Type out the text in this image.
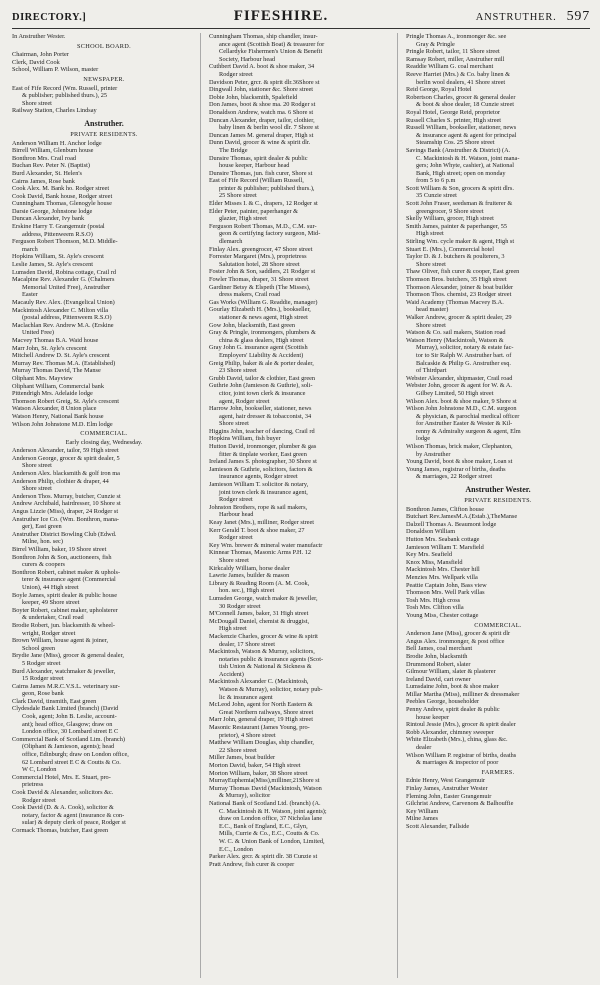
DIRECTORY.]	FIFESHIRE.	ANSTRUTHER. 597
In Anstruther Wester.
SCHOOL BOARD.
Chairman, John Porter
Clerk, David Cook
School, William P. Wilson, master
NEWSPAPER.
East of Fife Record (Wm. Russell, printer
& publisher; published thurs.), 25
Shore street
Railway Station, Charles Lindsay
Anstruther.
PRIVATE RESIDENTS.
Anderson William H. Anchor lodge
Birrell William, Glenburn house
Bonthron Mrs. Crail road
Buchan Rev. Peter N. (Baptist)
Burd Alexander, St. Helen's
Cairns James, Rose bank
Cook Alex. M. Bank ho. Rodger street
Cook David, Bank house, Rodger street
Cunningham Thomas, Glenogyle house
Darsie George, Johnstone lodge
Duncan Alexander, Ivy bank
Erskine Harry T. Grangemuir (postal
address, Pittenweem R.S.O)
Ferguson Robert Thomson, M.D. Middle-
march
Hopkins William, St. Ayle's crescent
Leslie James, St. Ayle's crescent
Lumsden David, Robina cottage, Crail rd
Macalpine Rev. Alexander G. (Chalmers
Memorial United Free), Anstruther
Easter
Macauly Rev. Alex. (Evangelical Union)
Mackintosh Alexander C. Milton villa
(postal address, Pittenweem R.S.O)
Maclachlan Rev. Andrew M.A. (Erskine
United Free)
Macvey Thomas B.A. Waid house
Marr John, St. Ayle's crescent
Mitchell Andrew D. St. Ayle's crescent
Murray Rev. Thomas M.A. (Established)
Murray Thomas David, The Manse
Oliphant Mrs. Mayview
Oliphant William, Commercial bank
Pittendrigh Mrs. Adelaide lodge
Thomson Robert Greig, St. Ayle's crescent
Watson Alexander, 8 Union place
Watson Henry, National Bank house
Wilson John Johnstone M.D. Elm lodge
COMMERCIAL.
Early closing day, Wednesday.
Anderson Alexander, tailor, 59 High street
Anderson George, grocer & spirit dealer, 5
Shore street
Anderson Alex. blacksmith & golf iron ma
Anderson Philip, clothier & draper, 44
Shore street
Anderson Thos. Murray, butcher, Cunzie st
Andrew Archibald, hairdresser, 10 Shore st
Angus Lizzie (Miss), draper, 24 Rodger st
Anstruther Ice Co. (Wm. Bonthron, mana-
ger), East green
Anstruther District Bowling Club (Edwd.
Milne, hon. sec)
Birrel William, baker, 19 Shore street
Bonthron John & Son, auctioneers, fish
curers & coopers
Bonthron Robert, cabinet maker & uphols-
terer & insurance agent (Commercial
Union), 44 High street
Boyle James, spirit dealer & public house
keeper, 49 Shore street
Boyter Robert, cabinet maker, upholsterer
& undertaker, Crail road
Brodie Robert, jun. blacksmith & wheel-
wright, Rodger street
Brown William, house agent & joiner,
School green
Brydie Jane (Miss), grocer & general dealer,
5 Rodger street
Burd Alexander, watchmaker & jeweller,
15 Rodger street
Cairns James M.R.C.V.S.L. veterinary sur-
geon, Rose bank
Clark David, tinsmith, East green
Clydesdale Bank Limited (branch) (David
Cook, agent; John B. Leslie, account-
ant); head office, Glasgow; draw on
London office, 30 Lombard street E C
Commercial Bank of Scotland Lim. (branch)
(Oliphant & Jamieson, agents); head
office, Edinburgh; draw on London office,
62 Lombard street E C & Coutts & Co.
W C, London
Commercial Hotel, Mrs. E. Stuart, pro-
prietress
Cook David & Alexander, solicitors &c.
Rodger street
Cook David (D. & A. Cook), solicitor &
notary, factor & agent (insurance & con-
sular) & deputy clerk of peace, Rodger st
Cormack Thomas, butcher, East green
Cunningham Thomas, ship chandler, insur-
ance agent (Scottish Boat) & treasurer for
Cellardyke Fishermen's Union & Benefit
Society, Harbour head
Cuthbert David A. boot & shoe maker, 34
Rodger street
Davidson Peter, grcr. & spirit dlr.36Shore st
Dingwall John, stationer &c. Shore street
Dobie John, blacksmith, Spalefield
Don James, boot & shoe ma. 20 Rodger st
Donaldson Andrew, watch ma. 6 Shore st
Duncan Alexander, draper, tailor, clothier,
baby linen & berlin wool dlr. 7 Shore st
Duncan James M. general draper, High st
Dunn David, grocer & wine & spirit dlr.
The Bridge
Dunsire Thomas, spirit dealer & public
house keeper, Harbour head
Dunsire Thomas, jun. fish curer, Shore st
East of Fife Record (William Russell,
printer & publisher; published thurs.),
25 Shore street
Elder Misses I. & C., drapers, 12 Rodger st
Elder Peter, painter, paperhanger &
glazier, High street
Ferguson Robert Thomas, M.D., C.M. sur-
geon & certifying factory surgeon, Mid-
dlemarch
Finlay Alex. greengrocer, 47 Shore street
Forrester Margaret (Mrs.), proprietress
Salutation hotel, 28 Shore street
Foster John & Son, saddlers, 21 Rodger st
Fowler Thomas, draper, 31 Shore street
Gardiner Betsy & Elspeth (The Misses),
dress makers, Crail road
Gas Works (William G. Readdie, manager)
Gourlay Elizabeth H. (Mrs.), bookseller,
stationer & news agent, High street
Gow John, blacksmith, East green
Gray & Pringle, ironmongers, plumbers &
china & glass dealers, High street
Gray John G. insurance agent (Scottish
Employers' Liability & Accident)
Greig Philip, baker & ale & porter dealer,
23 Shore street
Grubb David, tailor & clothier, East green
Guthrie John (Jamieson & Guthrie), soli-
citor, joint town clerk & insurance
agent, Rodger street
Harrow John, bookseller, stationer, news
agent, hair dresser & tobacconist, 34
Shore street
Higgins John, teacher of dancing, Crail rd
Hopkins William, fish buyer
Hutton David, ironmonger, plumber & gas
fitter & tinplate worker, East green
Ireland James S. photographer, 30 Shore st
Jamieson & Guthrie, solicitors, factors &
insurance agents, Rodger street
Jamieson William T. solicitor & notary,
joint town clerk & insurance agent,
Rodger street
Johnston Brothers, rope & sail makers,
Harbour head
Keay Janet (Mrs.), milliner, Rodger street
Kerr Gerald T. boot & shoe maker, 27
Rodger street
Key Wm. brewer & mineral water manufactr
Kinnear Thomas, Masonic Arms P.H. 12
Shore street
Kirkcaldy William, horse dealer
Lawrie James, builder & mason
Library & Reading Room (A. M. Cook,
hon. sec.), High street
Lumsden George, watch maker & jeweller,
30 Rodger street
M'Connell James, baker, 31 High street
McDougall Daniel, chemist & druggist,
High street
Mackenzie Charles, grocer & wine & spirit
dealer, 17 Shore street
Mackintosh, Watson & Murray, solicitors,
notaries public & insurance agents (Scot-
tish Union & National & Sickness &
Accident)
Mackintosh Alexander C. (Mackintosh,
Watson & Murray), solicitor, notary pub-
lic & insurance agent
McLeod John, agent for North Eastern &
Great Northern railways, Shore street
Marr John, general draper, 19 High street
Masonic Restaurant (James Young, pro-
prietor), 4 Shore street
Matthew William Douglas, ship chandler,
22 Shore street
Miller James, boat builder
Morton David, baker, 54 High street
Morton William, baker, 38 Shore street
MurrayEuphemia(Miss),milliner,21Shore st
Murray Thomas David (Mackintosh, Watson
& Murray), solicitor
National Bank of Scotland Ltd. (branch) (A.
C. Mackintosh & H. Watson, joint agents);
draw on London office, 37 Nicholas lane
E.C., Bank of England, E.C., Glyn,
Mills, Currie & Co., E.C., Coutts & Co.
W. C. & Union Bank of London, Limited,
E.C., London
Parker Alex. grcr. & spirit dlr. 38 Cunzie st
Pratt Andrew, fish curer & cooper
Pringle Thomas A., ironmonger &c. see
Gray & Pringle
Pringle Robert, tailor, 11 Shore street
Ramsay Robert, miller, Anstruther mill
Readdie William G. coal merchant
Reeve Harriet (Mrs.) & Co. baby linen &
berlin wool dealers, 41 Shore street
Reid George, Royal Hotel
Robertson Charles, grocer & general dealer
& boot & shoe dealer, 18 Cunzie street
Royal Hotel, George Reid, proprietor
Russell Charles S. printer, High street
Russell William, bookseller, stationer, news
& insurance agent & agent for principal
Steamship Cos. 25 Shore street
Savings Bank (Anstruther & District) (A.
C. Mackintosh & H. Watson, joint mana-
gers; John Whyte, cashier), at National
Bank, High street; open on monday
from 5 to 6 p.m
Scott William & Son, grocers & spirit dlrs.
35 Cunzie street
Scott John Fraser, seedsman & fruiterer &
greengrocer, 9 Shore street
Skelly William, grocer, High street
Smith James, painter & paperhanger, 55
High street
Stirling Wm. cycle maker & agent, High st
Stuart E. (Mrs.), Commercial hotel
Taylor D. & J. butchers & poulterers, 3
Shore street
Thaw Oliver, fish curer & cooper, East green
Thomson Bros. butchers, 35 High street
Thomson Alexander, joiner & boat builder
Thomson Thos. chemist, 23 Rodger street
Waid Academy (Thomas Macvey B.A.
head master)
Walker Andrew, grocer & spirit dealer, 29
Shore street
Watson & Co. sail makers, Station road
Watson Henry (Mackintosh, Watson &
Murray), solicitor, notary & estate fac-
tor to Sir Ralph W. Anstruther bart. of
Balcaskie & Philip G. Anstruther esq.
of Thirdpart
Webster Alexander, shipmaster, Crail road
Webster John, grocer & agent for W. & A.
Gilbey Limited, 50 High street
Wilson Alex. boot & shoe maker, 9 Shore st
Wilson John Johnstone M.D., C.M. surgeon
& physician, & parochial medical officer
for Anstruther Easter & Wester & Kil-
renny & Admiralty surgeon & agent, Elm
lodge
Wilson Thomas, brick maker, Clephanton,
by Anstruther
Young David, boot & shoe maker, Loan st
Young James, registrar of births, deaths
& marriages, 22 Rodger street
Anstruther Wester.
PRIVATE RESIDENTS.
Bonthron James, Clifton house
Butchart Rev.JamesM.A.(Estab.),TheManse
Dalzell Thomas A. Beaumont lodge
Donaldson William
Hutton Mrs. Seabank cottage
Jamieson William T. Marsfield
Key Mrs. Seafield
Knox Miss, Mansfield
Mackintosh Mrs. Chester hill
Menzies Mrs. Wellpark villa
Peattie Captain John, Bass view
Thomson Mrs. Well Park villas
Tosh Mrs. High cross
Tosh Mrs. Clifton villa
Young Miss, Chester cottage
COMMERCIAL.
Anderson Jane (Miss), grocer & spirit dlr
Angus Alex. ironmonger, & post office
Bell James, coal merchant
Brodie John, blacksmith
Drummond Robert, slater
Gilmour William, slater & plasterer
Ireland David, cart owner
Lumsdaine John, boot & shoe maker
Millar Martha (Miss), milliner & dressmaker
Peebles George, householder
Penny Andrew, spirit dealer & public
house keeper
Rintoul Jessie (Mrs.), grocer & spirit dealer
Robb Alexander, chimney sweeper
White Elizabeth (Mrs.), china, glass &c.
dealer
Wilson William P. registrar of births, deaths
& marriages & inspector of poor
FARMERS.
Ednie Henry, West Grangemuir
Finlay James, Anstruther Wester
Fleming John, Easter Grangemuir
Gilchrist Andrew, Carvenom & Balhouffie
Key William
Milne James
Scott Alexander, Fallside
